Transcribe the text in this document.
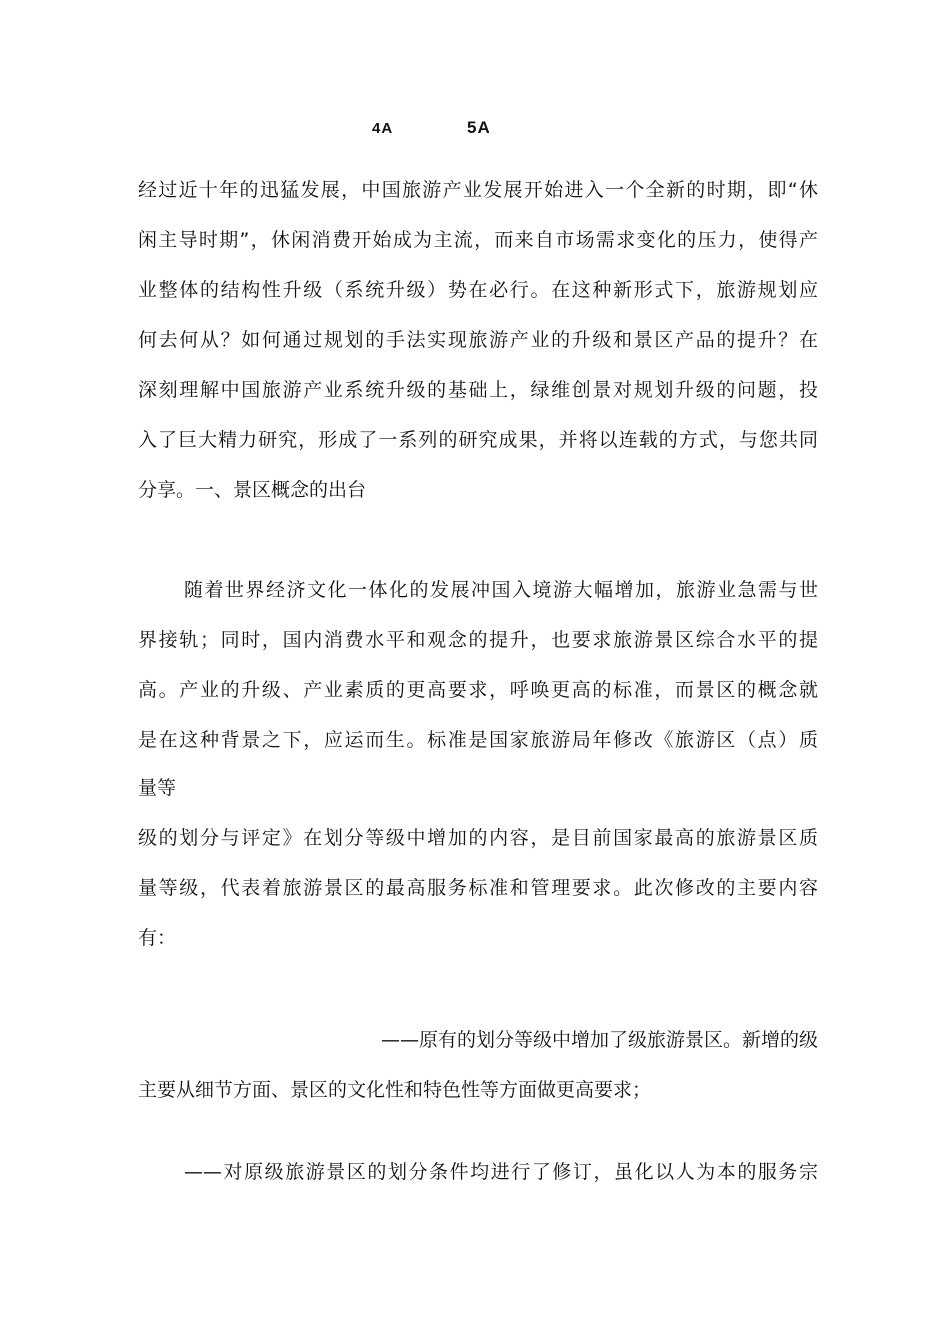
4A	5A
经过近十年的迅猛发展，中国旅游产业发展开始进入一个全新的时期，即“休
闲主导时期”，休闲消费开始成为主流，而来自市场需求变化的压力，使得产
业整体的结构性升级（系统升级）势在必行。在这种新形式下，旅游规划应
何去何从？如何通过规划的手法实现旅游产业的升级和景区产品的提升？在
深刻理解中国旅游产业系统升级的基础上，绿维创景对规划升级的问题，投
入了巨大精力研究，形成了一系列的研究成果，并将以连载的方式，与您共同
分享。一、景区概念的出台
随着世界经济文化一体化的发展冲国入境游大幅增加，旅游业急需与世
界接轨；同时，国内消费水平和观念的提升，也要求旅游景区综合水平的提
高。产业的升级、产业素质的更高要求，呼唤更高的标准，而景区的概念就
是在这种背景之下，应运而生。标准是国家旅游局年修改《旅游区（点）质
量等
级的划分与评定》在划分等级中增加的内容，是目前国家最高的旅游景区质
量等级，代表着旅游景区的最高服务标准和管理要求。此次修改的主要内容
有：
——原有的划分等级中增加了级旅游景区。新增的级
主要从细节方面、景区的文化性和特色性等方面做更高要求；
——对原级旅游景区的划分条件均进行了修订，虽化以人为本的服务宗
